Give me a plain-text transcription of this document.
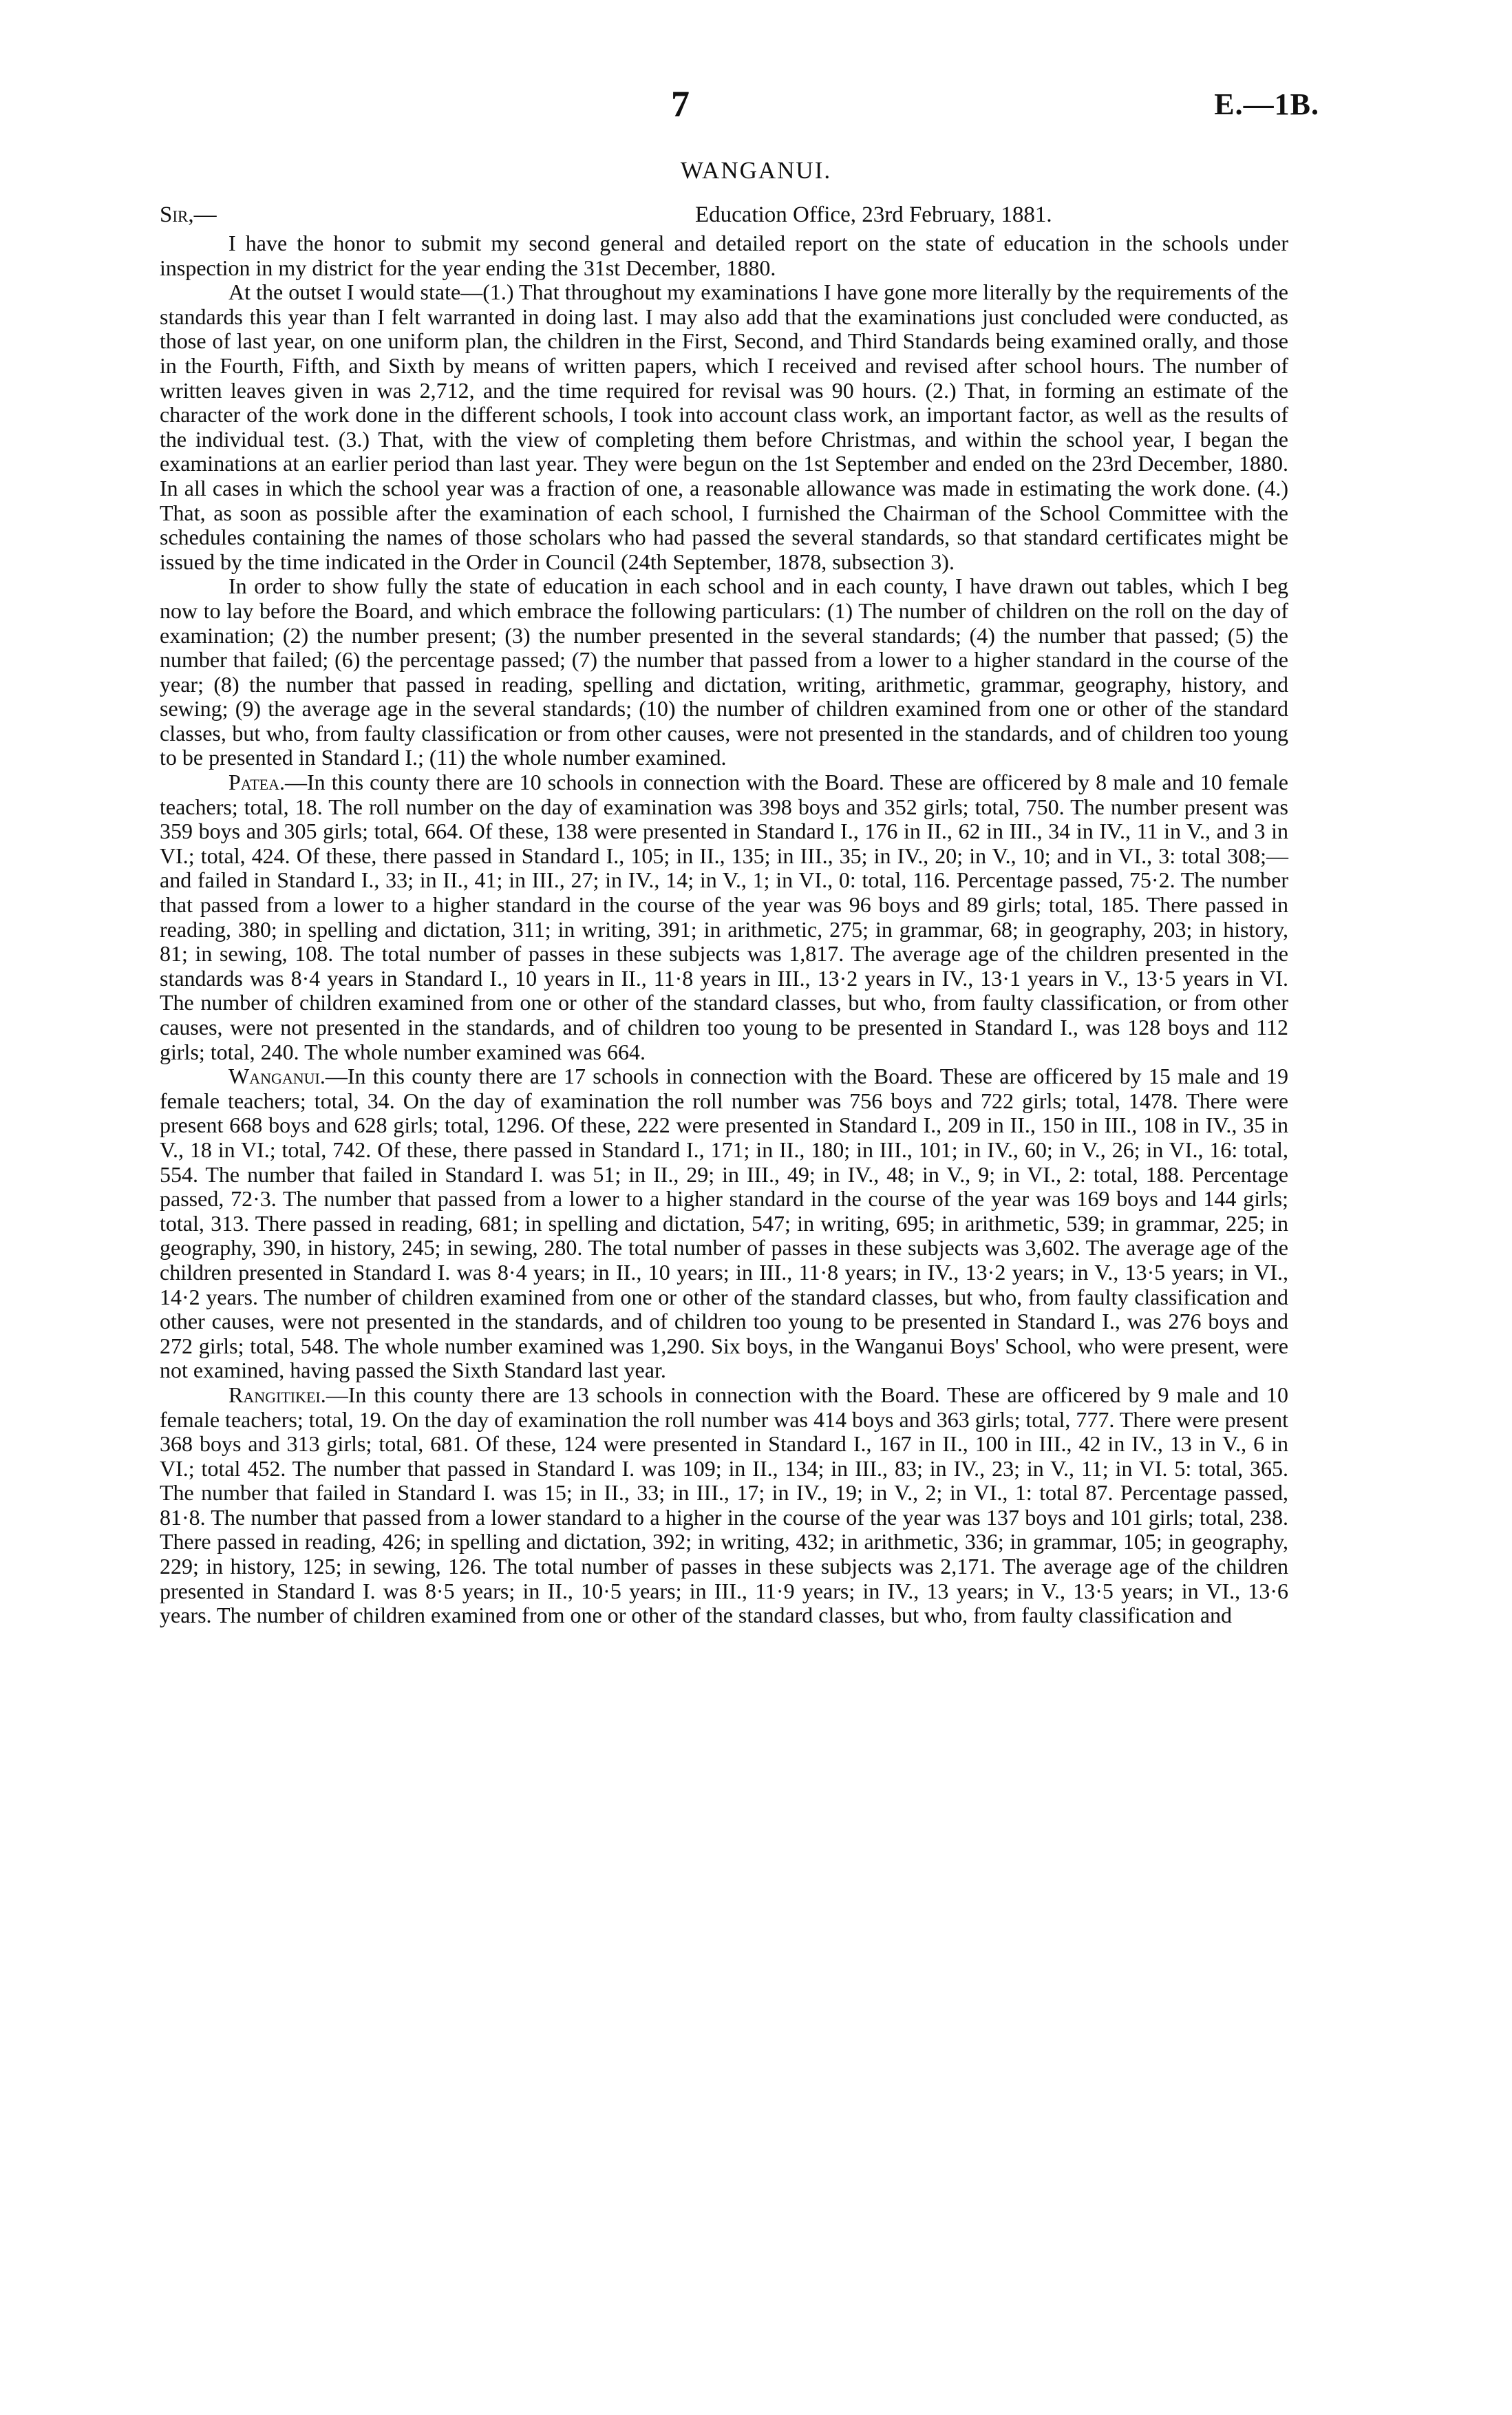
7	E.—1B.
WANGANUI.
Sir,—	Education Office, 23rd February, 1881.

I have the honor to submit my second general and detailed report on the state of education in the schools under inspection in my district for the year ending the 31st December, 1880.

At the outset I would state—(1.) That throughout my examinations I have gone more literally by the requirements of the standards this year than I felt warranted in doing last. I may also add that the examinations just concluded were conducted, as those of last year, on one uniform plan, the children in the First, Second, and Third Standards being examined orally, and those in the Fourth, Fifth, and Sixth by means of written papers, which I received and revised after school hours. The number of written leaves given in was 2,712, and the time required for revisal was 90 hours. (2.) That, in forming an estimate of the character of the work done in the different schools, I took into account class work, an important factor, as well as the results of the individual test. (3.) That, with the view of completing them before Christmas, and within the school year, I began the examinations at an earlier period than last year. They were begun on the 1st September and ended on the 23rd December, 1880. In all cases in which the school year was a fraction of one, a reasonable allowance was made in estimating the work done. (4.) That, as soon as possible after the examination of each school, I furnished the Chairman of the School Committee with the schedules containing the names of those scholars who had passed the several standards, so that standard certificates might be issued by the time indicated in the Order in Council (24th September, 1878, subsection 3).

In order to show fully the state of education in each school and in each county, I have drawn out tables, which I beg now to lay before the Board, and which embrace the following particulars: (1) The number of children on the roll on the day of examination; (2) the number present; (3) the number presented in the several standards; (4) the number that passed; (5) the number that failed; (6) the percentage passed; (7) the number that passed from a lower to a higher standard in the course of the year; (8) the number that passed in reading, spelling and dictation, writing, arithmetic, grammar, geography, history, and sewing; (9) the average age in the several standards; (10) the number of children examined from one or other of the standard classes, but who, from faulty classification or from other causes, were not presented in the standards, and of children too young to be presented in Standard I.; (11) the whole number examined.

Patea.—In this county there are 10 schools in connection with the Board. These are officered by 8 male and 10 female teachers; total, 18. The roll number on the day of examination was 398 boys and 352 girls; total, 750. The number present was 359 boys and 305 girls; total, 664. Of these, 138 were presented in Standard I., 176 in II., 62 in III., 34 in IV., 11 in V., and 3 in VI.; total, 424. Of these, there passed in Standard I., 105; in II., 135; in III., 35; in IV., 20; in V., 10; and in VI., 3: total 308;—and failed in Standard I., 33; in II., 41; in III., 27; in IV., 14; in V., 1; in VI., 0: total, 116. Percentage passed, 75·2. The number that passed from a lower to a higher standard in the course of the year was 96 boys and 89 girls; total, 185. There passed in reading, 380; in spelling and dictation, 311; in writing, 391; in arithmetic, 275; in grammar, 68; in geography, 203; in history, 81; in sewing, 108. The total number of passes in these subjects was 1,817. The average age of the children presented in the standards was 8·4 years in Standard I., 10 years in II., 11·8 years in III., 13·2 years in IV., 13·1 years in V., 13·5 years in VI. The number of children examined from one or other of the standard classes, but who, from faulty classification, or from other causes, were not presented in the standards, and of children too young to be presented in Standard I., was 128 boys and 112 girls; total, 240. The whole number examined was 664.

Wanganui.—In this county there are 17 schools in connection with the Board. These are officered by 15 male and 19 female teachers; total, 34. On the day of examination the roll number was 756 boys and 722 girls; total, 1478. There were present 668 boys and 628 girls; total, 1296. Of these, 222 were presented in Standard I., 209 in II., 150 in III., 108 in IV., 35 in V., 18 in VI.; total, 742. Of these, there passed in Standard I., 171; in II., 180; in III., 101; in IV., 60; in V., 26; in VI., 16: total, 554. The number that failed in Standard I. was 51; in II., 29; in III., 49; in IV., 48; in V., 9; in VI., 2: total, 188. Percentage passed, 72·3. The number that passed from a lower to a higher standard in the course of the year was 169 boys and 144 girls; total, 313. There passed in reading, 681; in spelling and dictation, 547; in writing, 695; in arithmetic, 539; in grammar, 225; in geography, 390, in history, 245; in sewing, 280. The total number of passes in these subjects was 3,602. The average age of the children presented in Standard I. was 8·4 years; in II., 10 years; in III., 11·8 years; in IV., 13·2 years; in V., 13·5 years; in VI., 14·2 years. The number of children examined from one or other of the standard classes, but who, from faulty classification and other causes, were not presented in the standards, and of children too young to be presented in Standard I., was 276 boys and 272 girls; total, 548. The whole number examined was 1,290. Six boys, in the Wanganui Boys' School, who were present, were not examined, having passed the Sixth Standard last year.

Rangitikei.—In this county there are 13 schools in connection with the Board. These are officered by 9 male and 10 female teachers; total, 19. On the day of examination the roll number was 414 boys and 363 girls; total, 777. There were present 368 boys and 313 girls; total, 681. Of these, 124 were presented in Standard I., 167 in II., 100 in III., 42 in IV., 13 in V., 6 in VI.; total 452. The number that passed in Standard I. was 109; in II., 134; in III., 83; in IV., 23; in V., 11; in VI. 5: total, 365. The number that failed in Standard I. was 15; in II., 33; in III., 17; in IV., 19; in V., 2; in VI., 1: total 87. Percentage passed, 81·8. The number that passed from a lower standard to a higher in the course of the year was 137 boys and 101 girls; total, 238. There passed in reading, 426; in spelling and dictation, 392; in writing, 432; in arithmetic, 336; in grammar, 105; in geography, 229; in history, 125; in sewing, 126. The total number of passes in these subjects was 2,171. The average age of the children presented in Standard I. was 8·5 years; in II., 10·5 years; in III., 11·9 years; in IV., 13 years; in V., 13·5 years; in VI., 13·6 years. The number of children examined from one or other of the standard classes, but who, from faulty classification and
